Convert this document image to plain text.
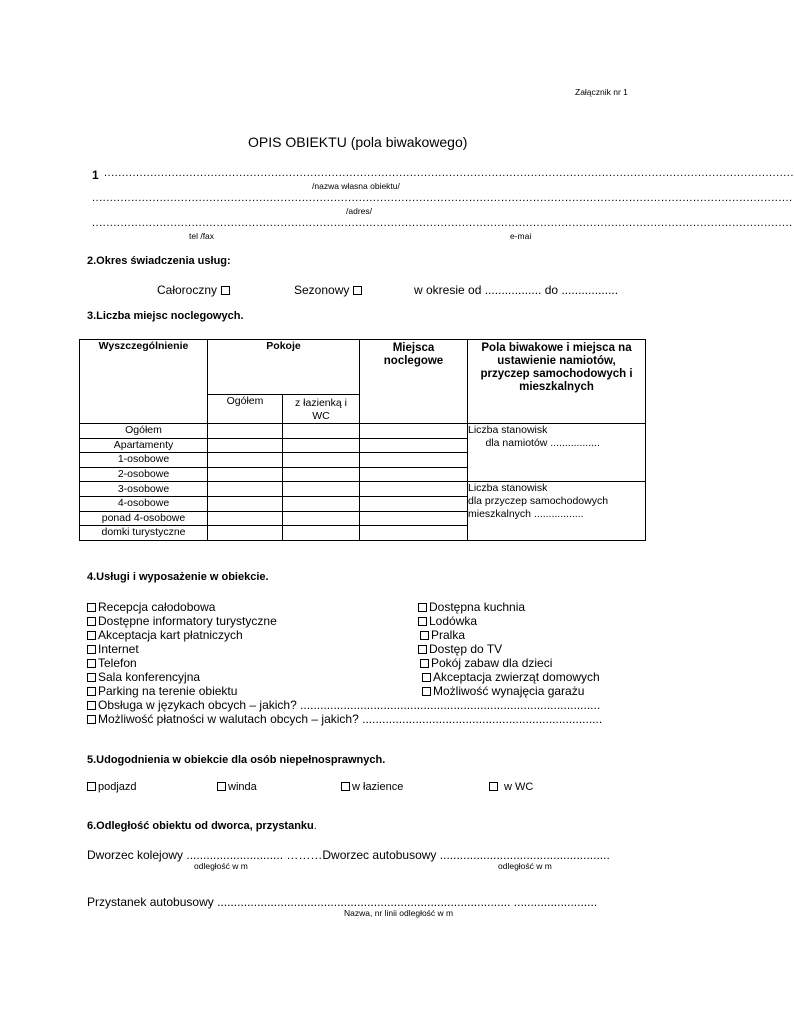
Załącznik nr 1
OPIS OBIEKTU (pola biwakowego)
1 ..................................................................................................................................................................................................
/nazwa własna obiektu/
.....................................................................................................................................................................................................
/adres/
.....................................................................................................................................................................................................
tel /fax	e-mai
2.Okres świadczenia usług:
Całoroczny	Sezonowy	w okresie od ................. do .................
3.Liczba miejsc noclegowych.
Wyszczególnienie	Pokoje		Miejsca noclegowe	Pola biwakowe i miejsca na ustawienie namiotów, przyczep samochodowych i mieszkalnych
	Ogółem	z łazienką i WC		
Ogółem				Liczba stanowisk
dla namiotów .................
Apartamenty				
1-osobowe				
2-osobowe				
3-osobowe				Liczba stanowisk
dla przyczep samochodowych
mieszkalnych .................
4-osobowe				
ponad 4-osobowe				
domki turystyczne				
4.Usługi i wyposażenie w obiekcie.
Recepcja całodobowa
Dostępne informatory turystyczne
Akceptacja kart płatniczych
Internet
Telefon
Sala konferencyjna
Parking na terenie obiektu
Dostępna kuchnia
Lodówka
Pralka
Dostęp do TV
Pokój zabaw dla dzieci
Akceptacja zwierząt domowych
Możliwość wynajęcia garażu
Obsługa w językach obcych – jakich? ..........................................................................................
Możliwość płatności w walutach obcych – jakich? ........................................................................
5.Udogodnienia w obiekcie dla osób niepełnosprawnych.
podjazd	winda	w łazience	w WC
6.Odległość obiektu od dworca, przystanku.
Dworzec kolejowy ............................. ………Dworzec autobusowy ...................................................
odległość w m	odległość w m
Przystanek autobusowy ........................................................................................ .........................
Nazwa, nr linii odległość w m
